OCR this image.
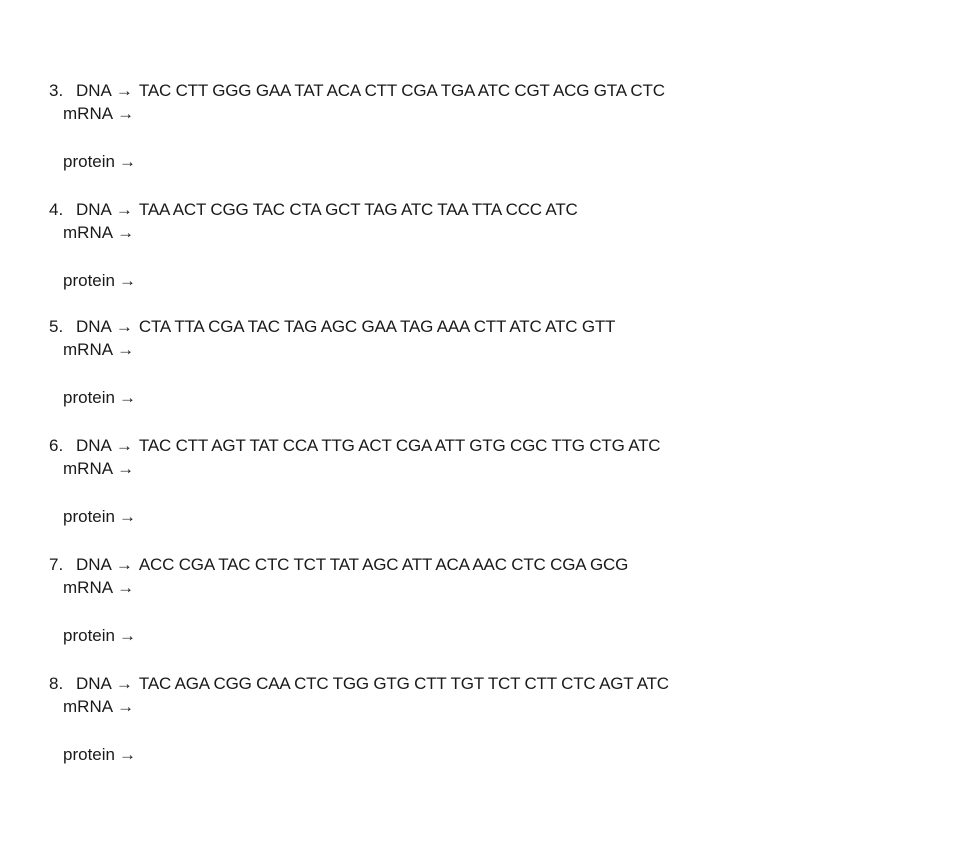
3. DNA → TAC CTT GGG GAA TAT ACA CTT CGA TGA ATC CGT ACG GTA CTC
mRNA →
protein →
4. DNA → TAA ACT CGG TAC CTA GCT TAG ATC TAA TTA CCC ATC
mRNA →
protein →
5. DNA → CTA TTA CGA TAC TAG AGC GAA TAG AAA CTT ATC ATC GTT
mRNA →
protein →
6. DNA → TAC CTT AGT TAT CCA TTG ACT CGA ATT GTG CGC TTG CTG ATC
mRNA →
protein →
7. DNA → ACC CGA TAC CTC TCT TAT AGC ATT ACA AAC CTC CGA GCG
mRNA →
protein →
8. DNA → TAC AGA CGG CAA CTC TGG GTG CTT TGT TCT CTT CTC AGT ATC
mRNA →
protein →
